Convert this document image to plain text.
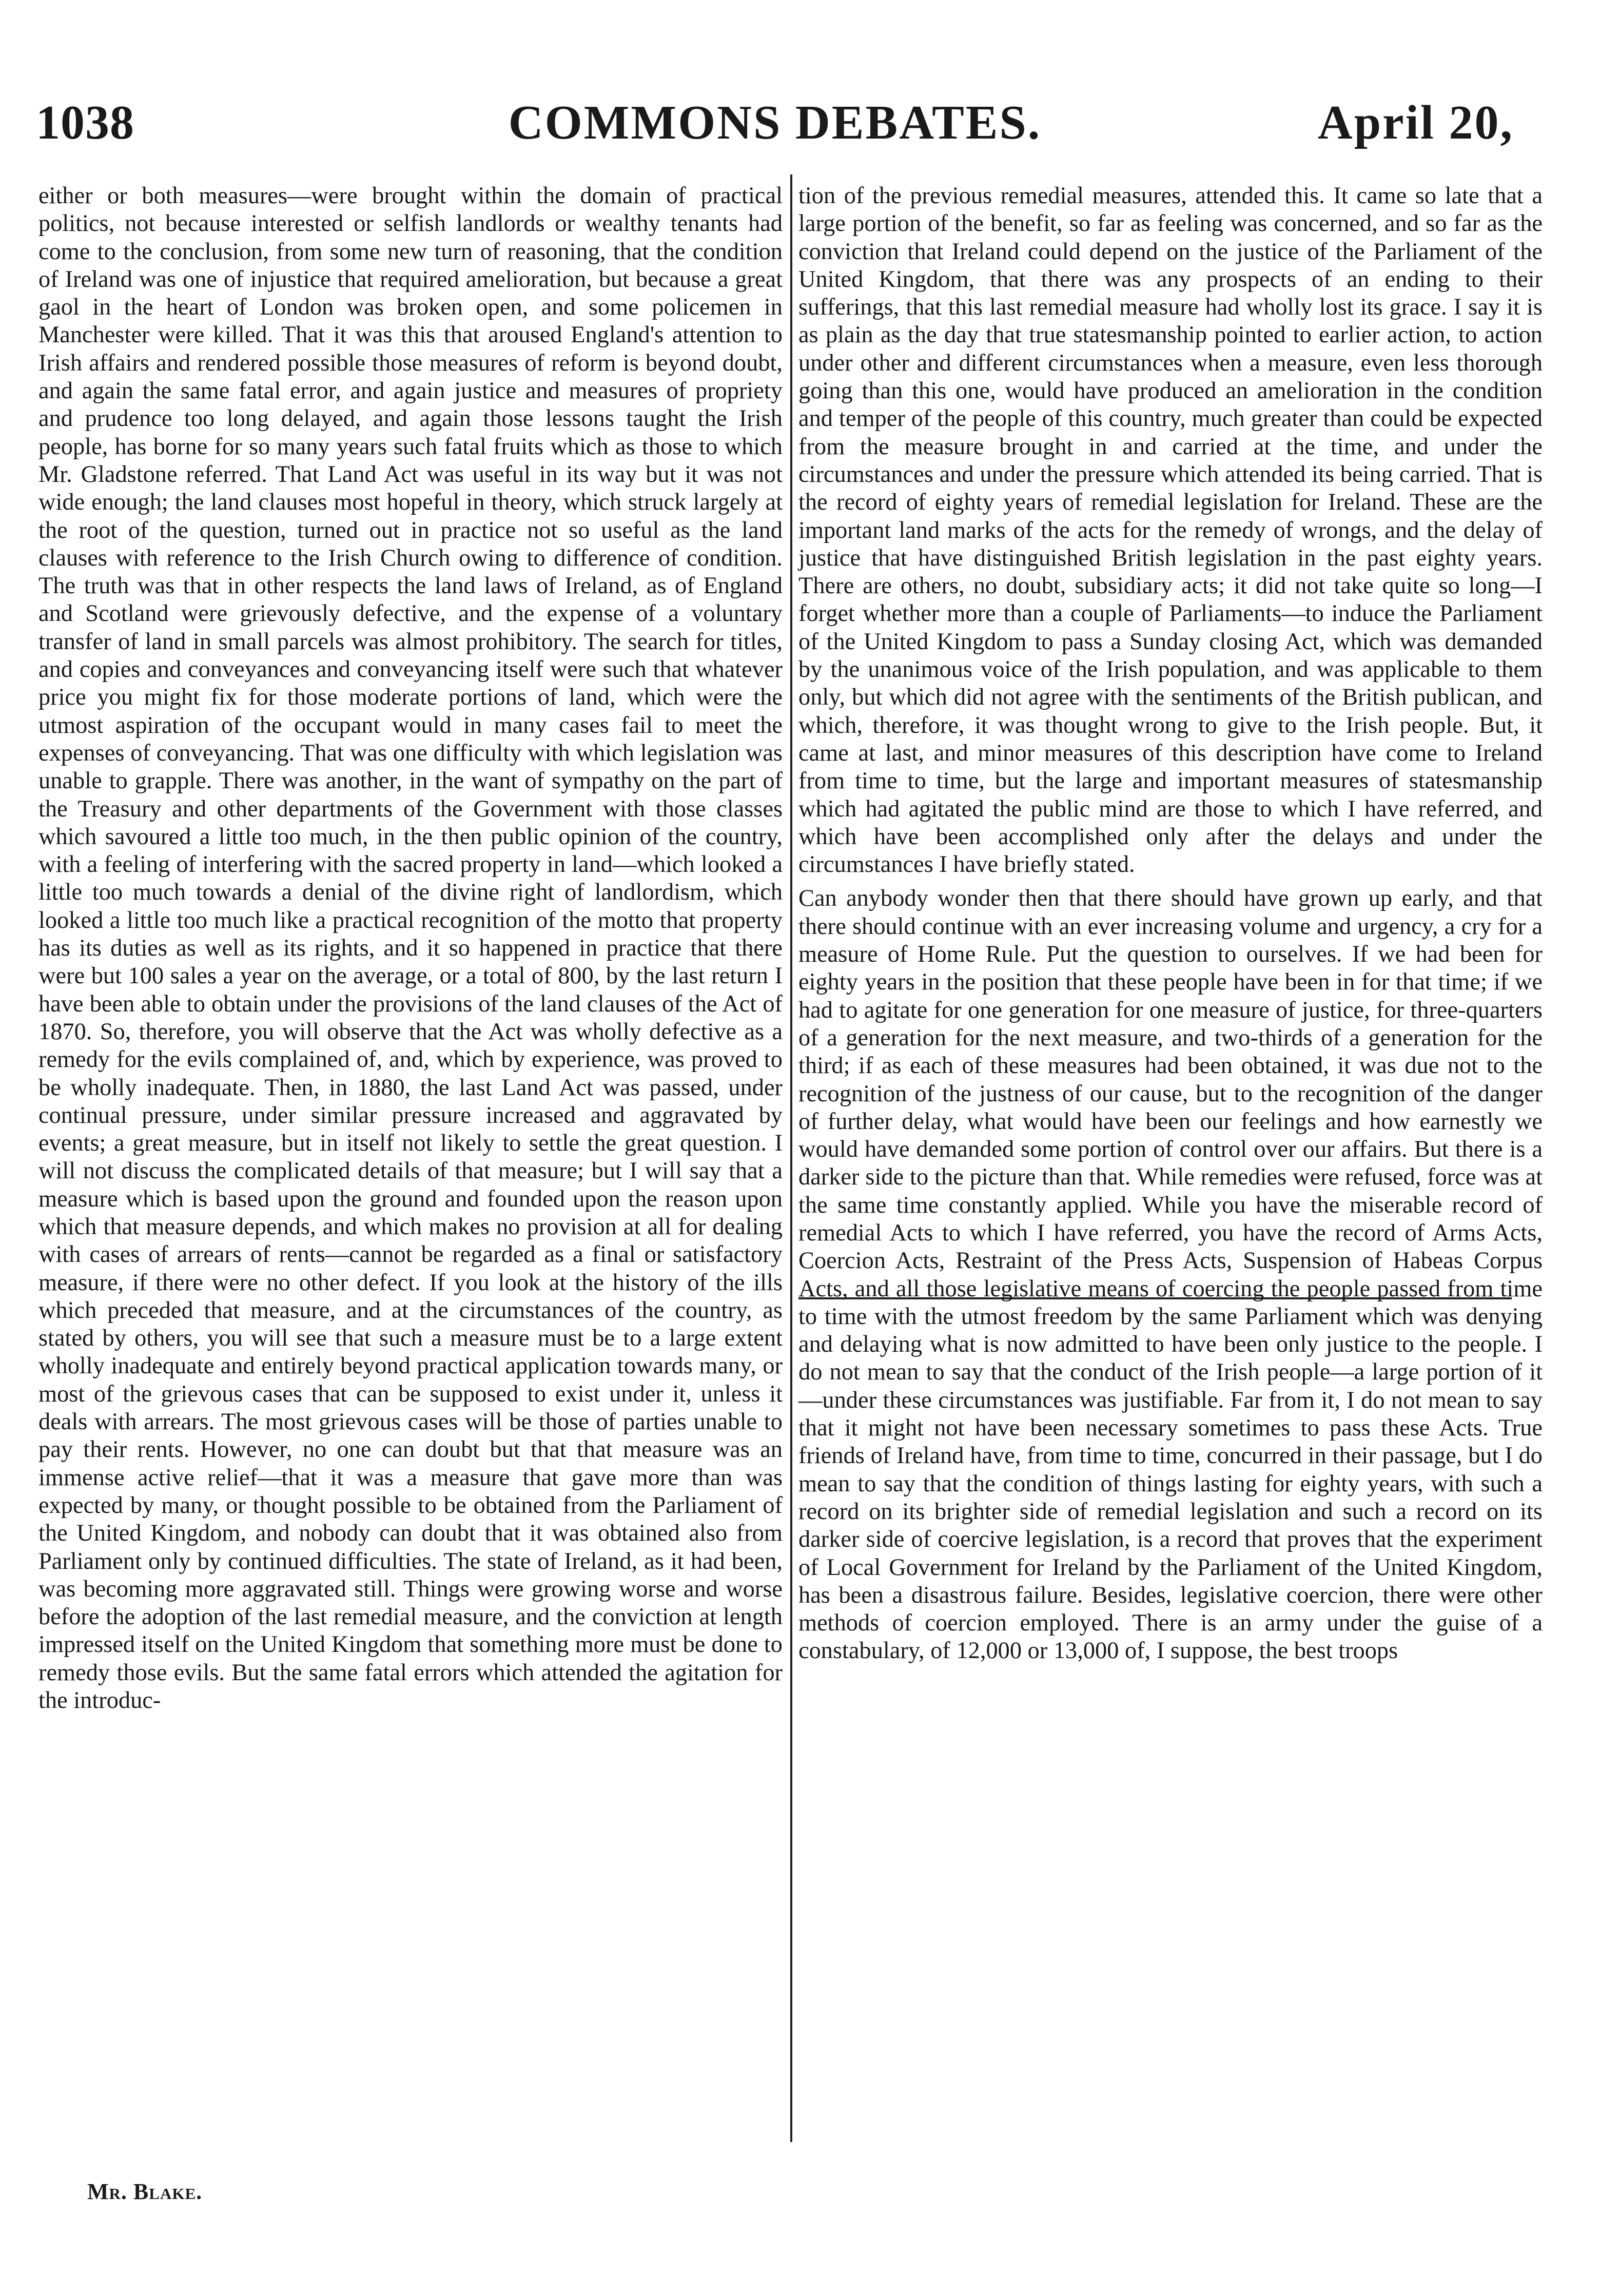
1038	COMMONS DEBATES.	April 20,

either or both measures—were brought within the domain of practical politics, not because interested or selfish landlords or wealthy tenants had come to the conclusion, from some new turn of reasoning, that the condition of Ireland was one of injustice that required amelioration, but because a great gaol in the heart of London was broken open, and some policemen in Manchester were killed. That it was this that aroused England's attention to Irish affairs and rendered possible those measures of reform is beyond doubt, and again the same fatal error, and again justice and measures of propriety and prudence too long delayed, and again those lessons taught the Irish people, has borne for so many years such fatal fruits which as those to which Mr. Gladstone referred. That Land Act was useful in its way but it was not wide enough; the land clauses most hopeful in theory, which struck largely at the root of the question, turned out in practice not so useful as the land clauses with reference to the Irish Church owing to difference of condition. The truth was that in other respects the land laws of Ireland, as of England and Scotland were grievously defective, and the expense of a voluntary transfer of land in small parcels was almost prohibitory. The search for titles, and copies and conveyances and conveyancing itself were such that whatever price you might fix for those moderate portions of land, which were the utmost aspiration of the occupant would in many cases fail to meet the expenses of conveyancing. That was one difficulty with which legislation was unable to grapple. There was another, in the want of sympathy on the part of the Treasury and other departments of the Government with those classes which savoured a little too much, in the then public opinion of the country, with a feeling of interfering with the sacred property in land—which looked a little too much towards a denial of the divine right of landlordism, which looked a little too much like a practical recognition of the motto that property has its duties as well as its rights, and it so happened in practice that there were but 100 sales a year on the average, or a total of 800, by the last return I have been able to obtain under the provisions of the land clauses of the Act of 1870. So, therefore, you will observe that the Act was wholly defective as a remedy for the evils complained of, and, which by experience, was proved to be wholly inadequate. Then, in 1880, the last Land Act was passed, under continual pressure, under similar pressure increased and aggravated by events; a great measure, but in itself not likely to settle the great question. I will not discuss the complicated details of that measure; but I will say that a measure which is based upon the ground and founded upon the reason upon which that measure depends, and which makes no provision at all for dealing with cases of arrears of rents—cannot be regarded as a final or satisfactory measure, if there were no other defect. If you look at the history of the ills which preceded that measure, and at the circumstances of the country, as stated by others, you will see that such a measure must be to a large extent wholly inadequate and entirely beyond practical application towards many, or most of the grievous cases that can be supposed to exist under it, unless it deals with arrears. The most grievous cases will be those of parties unable to pay their rents. However, no one can doubt but that that measure was an immense active relief—that it was a measure that gave more than was expected by many, or thought possible to be obtained from the Parliament of the United Kingdom, and nobody can doubt that it was obtained also from Parliament only by continued difficulties. The state of Ireland, as it had been, was becoming more aggravated still. Things were growing worse and worse before the adoption of the last remedial measure, and the conviction at length impressed itself on the United Kingdom that something more must be done to remedy those evils. But the same fatal errors which attended the agitation for the introduc-

tion of the previous remedial measures, attended this. It came so late that a large portion of the benefit, so far as feeling was concerned, and so far as the conviction that Ireland could depend on the justice of the Parliament of the United Kingdom, that there was any prospects of an ending to their sufferings, that this last remedial measure had wholly lost its grace. I say it is as plain as the day that true statesmanship pointed to earlier action, to action under other and different circumstances when a measure, even less thorough going than this one, would have produced an amelioration in the condition and temper of the people of this country, much greater than could be expected from the measure brought in and carried at the time, and under the circumstances and under the pressure which attended its being carried. That is the record of eighty years of remedial legislation for Ireland. These are the important land marks of the acts for the remedy of wrongs, and the delay of justice that have distinguished British legislation in the past eighty years. There are others, no doubt, subsidiary acts; it did not take quite so long—I forget whether more than a couple of Parliaments—to induce the Parliament of the United Kingdom to pass a Sunday closing Act, which was demanded by the unanimous voice of the Irish population, and was applicable to them only, but which did not agree with the sentiments of the British publican, and which, therefore, it was thought wrong to give to the Irish people. But, it came at last, and minor measures of this description have come to Ireland from time to time, but the large and important measures of statesmanship which had agitated the public mind are those to which I have referred, and which have been accomplished only after the delays and under the circumstances I have briefly stated.

Can anybody wonder then that there should have grown up early, and that there should continue with an ever increasing volume and urgency, a cry for a measure of Home Rule. Put the question to ourselves. If we had been for eighty years in the position that these people have been in for that time; if we had to agitate for one generation for one measure of justice, for three-quarters of a generation for the next measure, and two-thirds of a generation for the third; if as each of these measures had been obtained, it was due not to the recognition of the justness of our cause, but to the recognition of the danger of further delay, what would have been our feelings and how earnestly we would have demanded some portion of control over our affairs. But there is a darker side to the picture than that. While remedies were refused, force was at the same time constantly applied. While you have the miserable record of remedial Acts to which I have referred, you have the record of Arms Acts, Coercion Acts, Restraint of the Press Acts, Suspension of Habeas Corpus Acts, and all those legislative means of coercing the people passed from time to time with the utmost freedom by the same Parliament which was denying and delaying what is now admitted to have been only justice to the people. I do not mean to say that the conduct of the Irish people—a large portion of it—under these circumstances was justifiable. Far from it, I do not mean to say that it might not have been necessary sometimes to pass these Acts. True friends of Ireland have, from time to time, concurred in their passage, but I do mean to say that the condition of things lasting for eighty years, with such a record on its brighter side of remedial legislation and such a record on its darker side of coercive legislation, is a record that proves that the experiment of Local Government for Ireland by the Parliament of the United Kingdom, has been a disastrous failure. Besides, legislative coercion, there were other methods of coercion employed. There is an army under the guise of a constabulary, of 12,000 or 13,000 of, I suppose, the best troops

Mr. Blake.
